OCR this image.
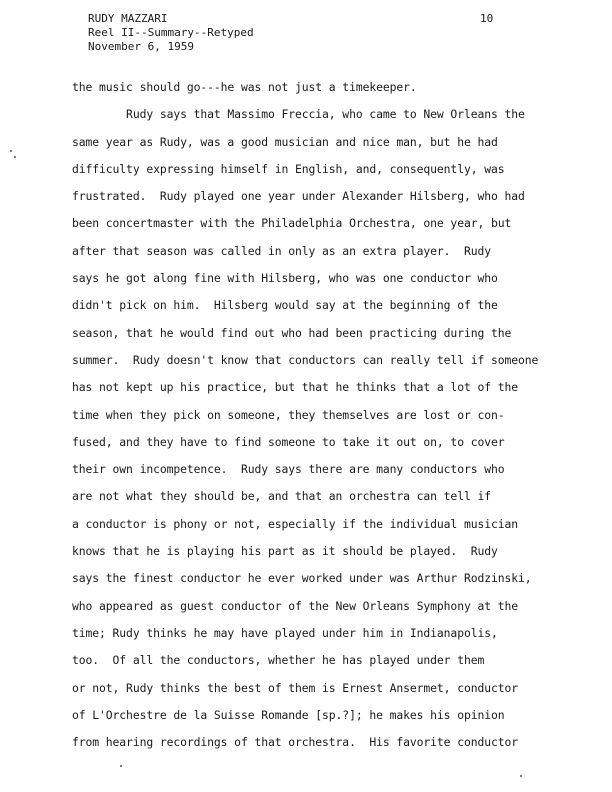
RUDY MAZZARI
Reel II--Summary--Retyped
November 6, 1959
10
the music should go---he was not just a timekeeper.
Rudy says that Massimo Freccia, who came to New Orleans the
same year as Rudy, was a good musician and nice man, but he had
difficulty expressing himself in English, and, consequently, was
frustrated.  Rudy played one year under Alexander Hilsberg, who had
been concertmaster with the Philadelphia Orchestra, one year, but
after that season was called in only as an extra player.  Rudy
says he got along fine with Hilsberg, who was one conductor who
didn't pick on him.  Hilsberg would say at the beginning of the
season, that he would find out who had been practicing during the
summer.  Rudy doesn't know that conductors can really tell if someone
has not kept up his practice, but that he thinks that a lot of the
time when they pick on someone, they themselves are lost or con-
fused, and they have to find someone to take it out on, to cover
their own incompetence.  Rudy says there are many conductors who
are not what they should be, and that an orchestra can tell if
a conductor is phony or not, especially if the individual musician
knows that he is playing his part as it should be played.  Rudy
says the finest conductor he ever worked under was Arthur Rodzinski,
who appeared as guest conductor of the New Orleans Symphony at the
time; Rudy thinks he may have played under him in Indianapolis,
too.  Of all the conductors, whether he has played under them
or not, Rudy thinks the best of them is Ernest Ansermet, conductor
of L'Orchestre de la Suisse Romande [sp.?]; he makes his opinion
from hearing recordings of that orchestra.  His favorite conductor
